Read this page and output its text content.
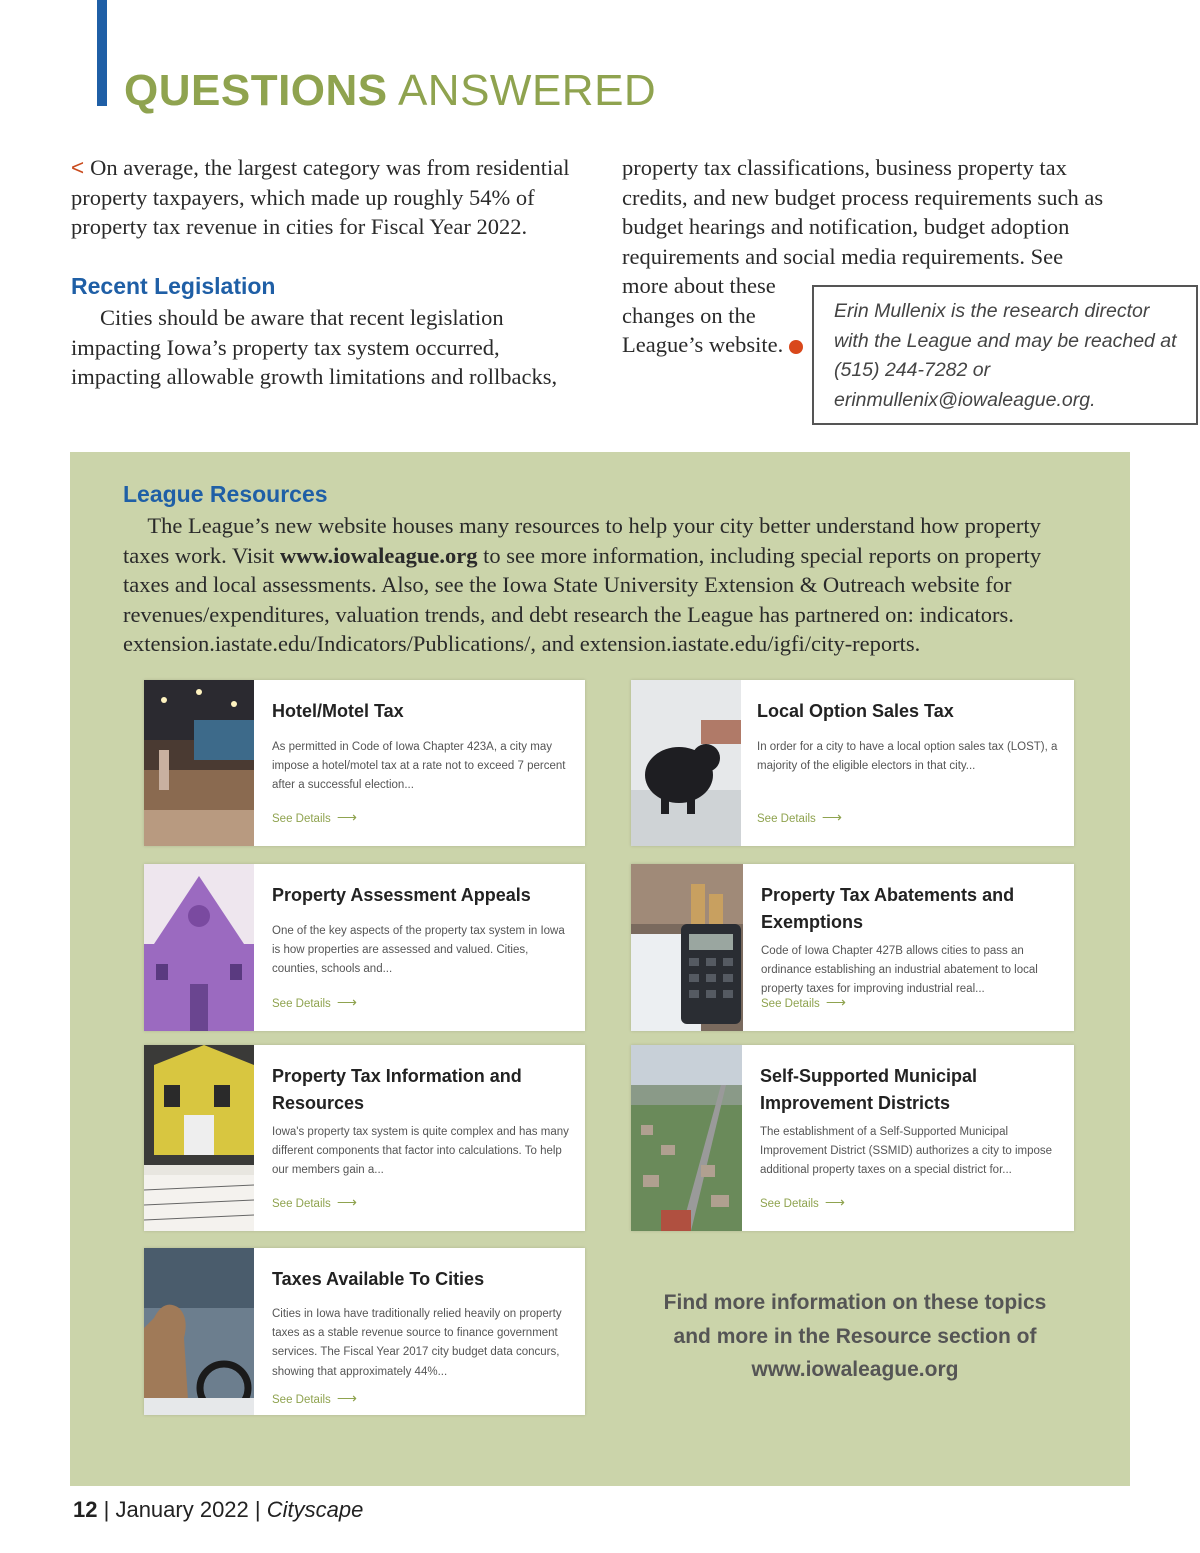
QUESTIONS ANSWERED

< On average, the largest category was from residential property taxpayers, which made up roughly 54% of property tax revenue in cities for Fiscal Year 2022.

Recent Legislation

Cities should be aware that recent legislation impacting Iowa’s property tax system occurred, impacting allowable growth limitations and rollbacks,

property tax classifications, business property tax credits, and new budget process requirements such as budget hearings and notification, budget adoption requirements and social media requirements. See

more about these

changes on the

League’s website.

Erin Mullenix is the research director with the League and may be reached at (515) 244-7282 or erinmullenix@iowaleague.org.
League Resources
  The League’s new website houses many resources to help your city better understand how property taxes work. Visit www.iowaleague.org to see more information, including special reports on property taxes and local assessments. Also, see the Iowa State University Extension & Outreach website for revenues/expenditures, valuation trends, and debt research the League has partnered on: indicators. extension.iastate.edu/Indicators/Publications/, and extension.iastate.edu/igfi/city-reports.

Hotel/Motel Tax

As permitted in Code of Iowa Chapter 423A, a city may impose a hotel/motel tax at a rate not to exceed 7 percent after a successful election...
See Details ⟶

Local Option Sales Tax

In order for a city to have a local option sales tax (LOST), a majority of the eligible electors in that city...
See Details ⟶

Property Assessment Appeals

One of the key aspects of the property tax system in Iowa is how properties are assessed and valued. Cities, counties, schools and...
See Details ⟶

Property Tax Abatements and Exemptions

Code of Iowa Chapter 427B allows cities to pass an ordinance establishing an industrial abatement to local property taxes for improving industrial real...
See Details ⟶

Property Tax Information and Resources

Iowa's property tax system is quite complex and has many different components that factor into calculations. To help our members gain a...
See Details ⟶

Self-Supported Municipal Improvement Districts

The establishment of a Self-Supported Municipal Improvement District (SSMID) authorizes a city to impose additional property taxes on a special district for...
See Details ⟶

Taxes Available To Cities

Cities in Iowa have traditionally relied heavily on property taxes as a stable revenue source to finance government services. The Fiscal Year 2017 city budget data concurs, showing that approximately 44%...
See Details ⟶
Find more information on these topics
and more in the Resource section of
www.iowaleague.org
12 | January 2022 | Cityscape
